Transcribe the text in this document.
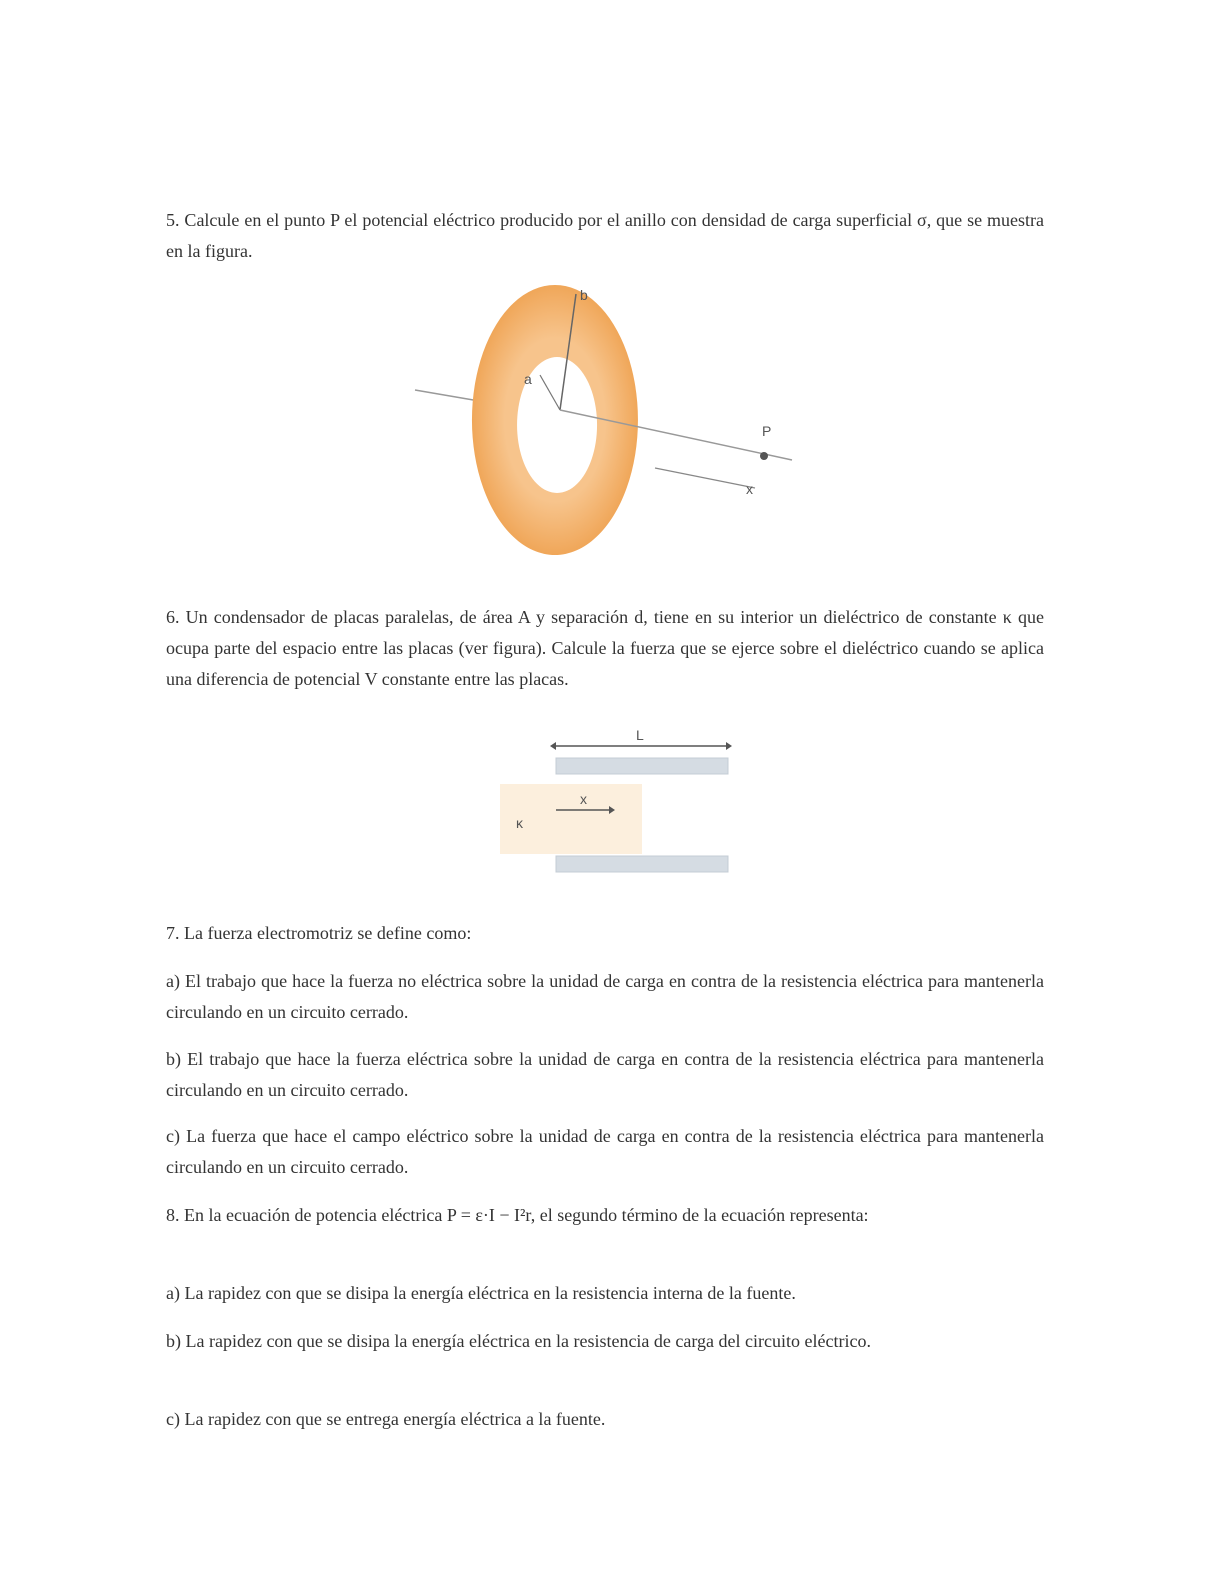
5. Calcule en el punto P el potencial eléctrico producido por el anillo con densidad de carga superficial σ, que se muestra en la figura.

b
a
P
x

6. Un condensador de placas paralelas, de área A y separación d, tiene en su interior un dieléctrico de constante κ que ocupa parte del espacio entre las placas (ver figura). Calcule la fuerza que se ejerce sobre el dieléctrico cuando se aplica una diferencia de potencial V constante entre las placas.

L
x
κ

7. La fuerza electromotriz se define como:

a) El trabajo que hace la fuerza no eléctrica sobre la unidad de carga en contra de la resistencia eléctrica para mantenerla circulando en un circuito cerrado.

b) El trabajo que hace la fuerza eléctrica sobre la unidad de carga en contra de la resistencia eléctrica para mantenerla circulando en un circuito cerrado.

c) La fuerza que hace el campo eléctrico sobre la unidad de carga en contra de la resistencia eléctrica para mantenerla circulando en un circuito cerrado.

8. En la ecuación de potencia eléctrica P = ε·I − I²r, el segundo término de la ecuación representa:

a) La rapidez con que se disipa la energía eléctrica en la resistencia interna de la fuente.

b) La rapidez con que se disipa la energía eléctrica en la resistencia de carga del circuito eléctrico.

c) La rapidez con que se entrega energía eléctrica a la fuente.
